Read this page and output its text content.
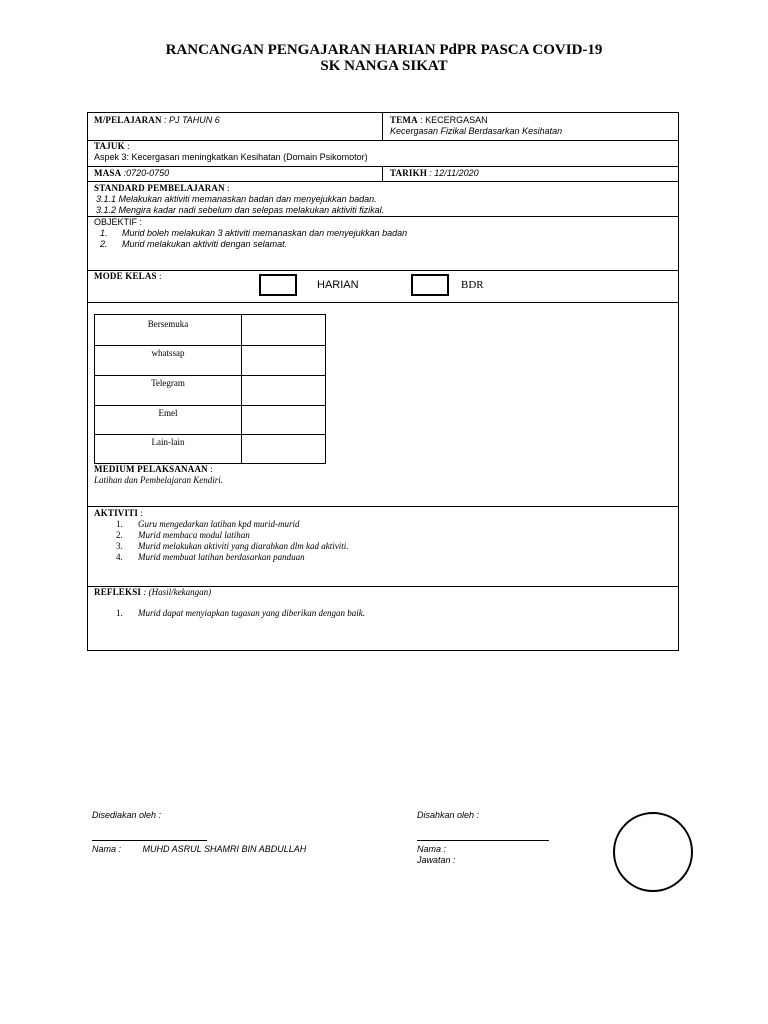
RANCANGAN PENGAJARAN HARIAN PdPR PASCA COVID-19
SK NANGA SIKAT
M/PELAJARAN : PJ TAHUN 6	TEMA : KECERGASAN
Kecergasan Fizikal Berdasarkan Kesihatan
TAJUK :
Aspek 3: Kecergasan meningkatkan Kesihatan (Domain Psikomotor)
MASA :0720-0750	TARIKH : 12/11/2020
STANDARD PEMBELAJARAN :
3.1.1 Melakukan aktiviti memanaskan badan dan menyejukkan badan.
3.1.2 Mengira kadar nadi sebelum dan selepas melakukan aktiviti fizikal.
OBJEKTIF :
1. Murid boleh melakukan 3 aktiviti memanaskan dan menyejukkan badan
2. Murid melakukan aktiviti dengan selamat.
MODE KELAS :
HARIAN	BDR
Bersemuka
whatssap
Telegram
Emel
Lain-lain
MEDIUM PELAKSANAAN :
Latihan dan Pembelajaran Kendiri.
AKTIVITI :
1. Guru mengedarkan latihan kpd murid-murid
2. Murid membaca modul latihan
3. Murid melakukan aktiviti yang diarahkan dlm kad aktiviti.
4. Murid membuat latihan berdasarkan panduan
REFLEKSI : (Hasil/kekangan)
1. Murid dapat menyiapkan tugasan yang diberikan dengan baik.
Disediakan oleh :
Nama : MUHD ASRUL SHAMRI BIN ABDULLAH
Disahkan oleh :
Nama :
Jawatan :
